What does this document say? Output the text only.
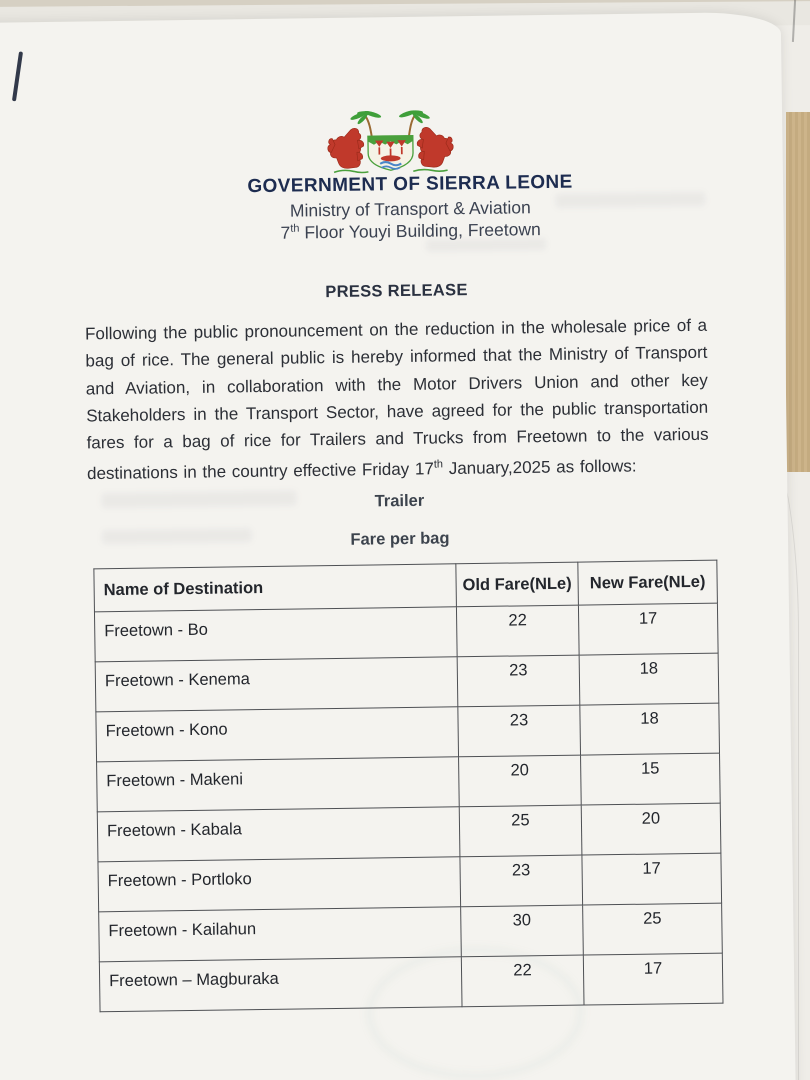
GOVERNMENT OF SIERRA LEONE
Ministry of Transport & Aviation
7th Floor Youyi Building, Freetown
PRESS RELEASE
Following the public pronouncement on the reduction in the wholesale price of a bag of rice. The general public is hereby informed that the Ministry of Transport and Aviation, in collaboration with the Motor Drivers Union and other key Stakeholders in the Transport Sector, have agreed for the public transportation fares for a bag of rice for Trailers and Trucks from Freetown to the various destinations in the country effective Friday 17th January,2025 as follows:
Trailer
Fare per bag
Name of Destination	Old Fare(NLe)	New Fare(NLe)
Freetown - Bo	22	17
Freetown - Kenema	23	18
Freetown - Kono	23	18
Freetown - Makeni	20	15
Freetown - Kabala	25	20
Freetown - Portloko	23	17
Freetown - Kailahun	30	25
Freetown – Magburaka	22	17
